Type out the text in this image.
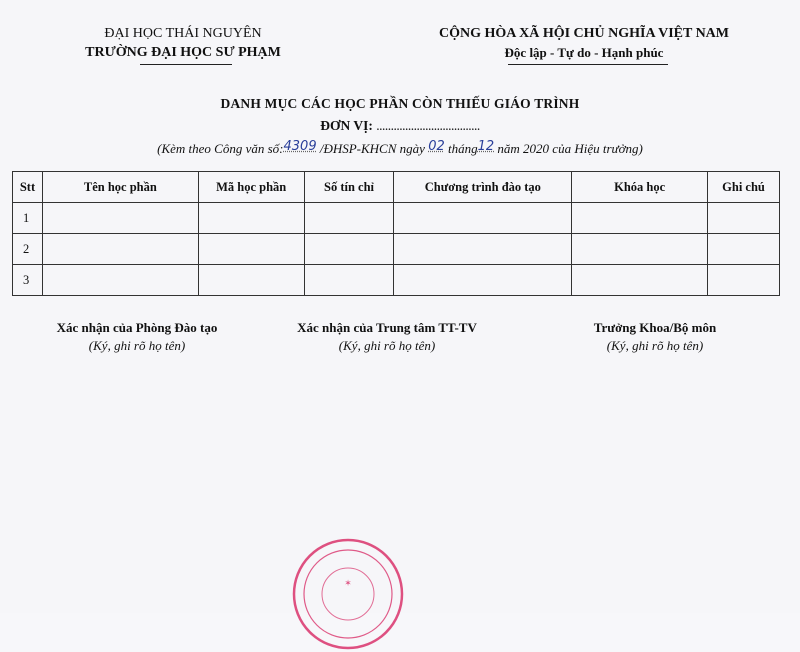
ĐẠI HỌC THÁI NGUYÊN
TRƯỜNG ĐẠI HỌC SƯ PHẠM
CỘNG HÒA XÃ HỘI CHỦ NGHĨA VIỆT NAM
Độc lập - Tự do - Hạnh phúc
DANH MỤC CÁC HỌC PHẦN CÒN THIẾU GIÁO TRÌNH
ĐƠN VỊ: ....................................
(Kèm theo Công văn số:4309 /ĐHSP-KHCN ngày 02 tháng12 năm 2020 của Hiệu trưởng)
Stt	Tên học phần	Mã học phần	Số tín chỉ	Chương trình đào tạo	Khóa học	Ghi chú
1						
2						
3						
Xác nhận của Phòng Đào tạo
(Ký, ghi rõ họ tên)
Xác nhận của Trung tâm TT-TV
(Ký, ghi rõ họ tên)
Trưởng Khoa/Bộ môn
(Ký, ghi rõ họ tên)
✶
